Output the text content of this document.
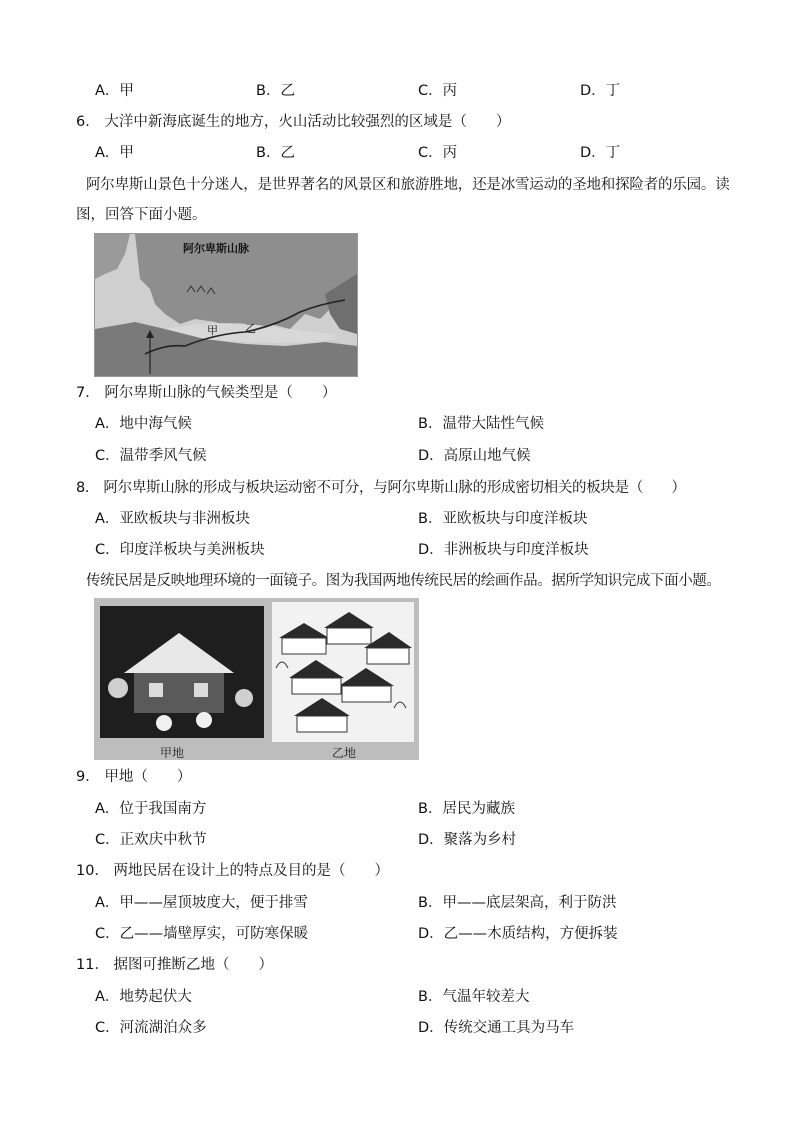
A．甲	B．乙	C．丙	D．丁
6． 大洋中新海底诞生的地方，火山活动比较强烈的区域是（　　）
A．甲	B．乙	C．丙	D．丁
阿尔卑斯山景色十分迷人，是世界著名的风景区和旅游胜地，还是冰雪运动的圣地和探险者的乐园。读
图，回答下面小题。
阿尔卑斯山脉
甲 乙
7． 阿尔卑斯山脉的气候类型是（　　）
A．地中海气候	B．温带大陆性气候
C．温带季风气候	D．高原山地气候
8． 阿尔卑斯山脉的形成与板块运动密不可分，与阿尔卑斯山脉的形成密切相关的板块是（　　）
A．亚欧板块与非洲板块	B．亚欧板块与印度洋板块
C．印度洋板块与美洲板块	D．非洲板块与印度洋板块
传统民居是反映地理环境的一面镜子。图为我国两地传统民居的绘画作品。据所学知识完成下面小题。
甲地	乙地
9． 甲地（　　）
A．位于我国南方	B．居民为藏族
C．正欢庆中秋节	D．聚落为乡村
10． 两地民居在设计上的特点及目的是（　　）
A．甲——屋顶坡度大，便于排雪	B．甲——底层架高，利于防洪
C．乙——墙壁厚实，可防寒保暖	D．乙——木质结构，方便拆装
11． 据图可推断乙地（　　）
A．地势起伏大	B．气温年较差大
C．河流湖泊众多	D．传统交通工具为马车
